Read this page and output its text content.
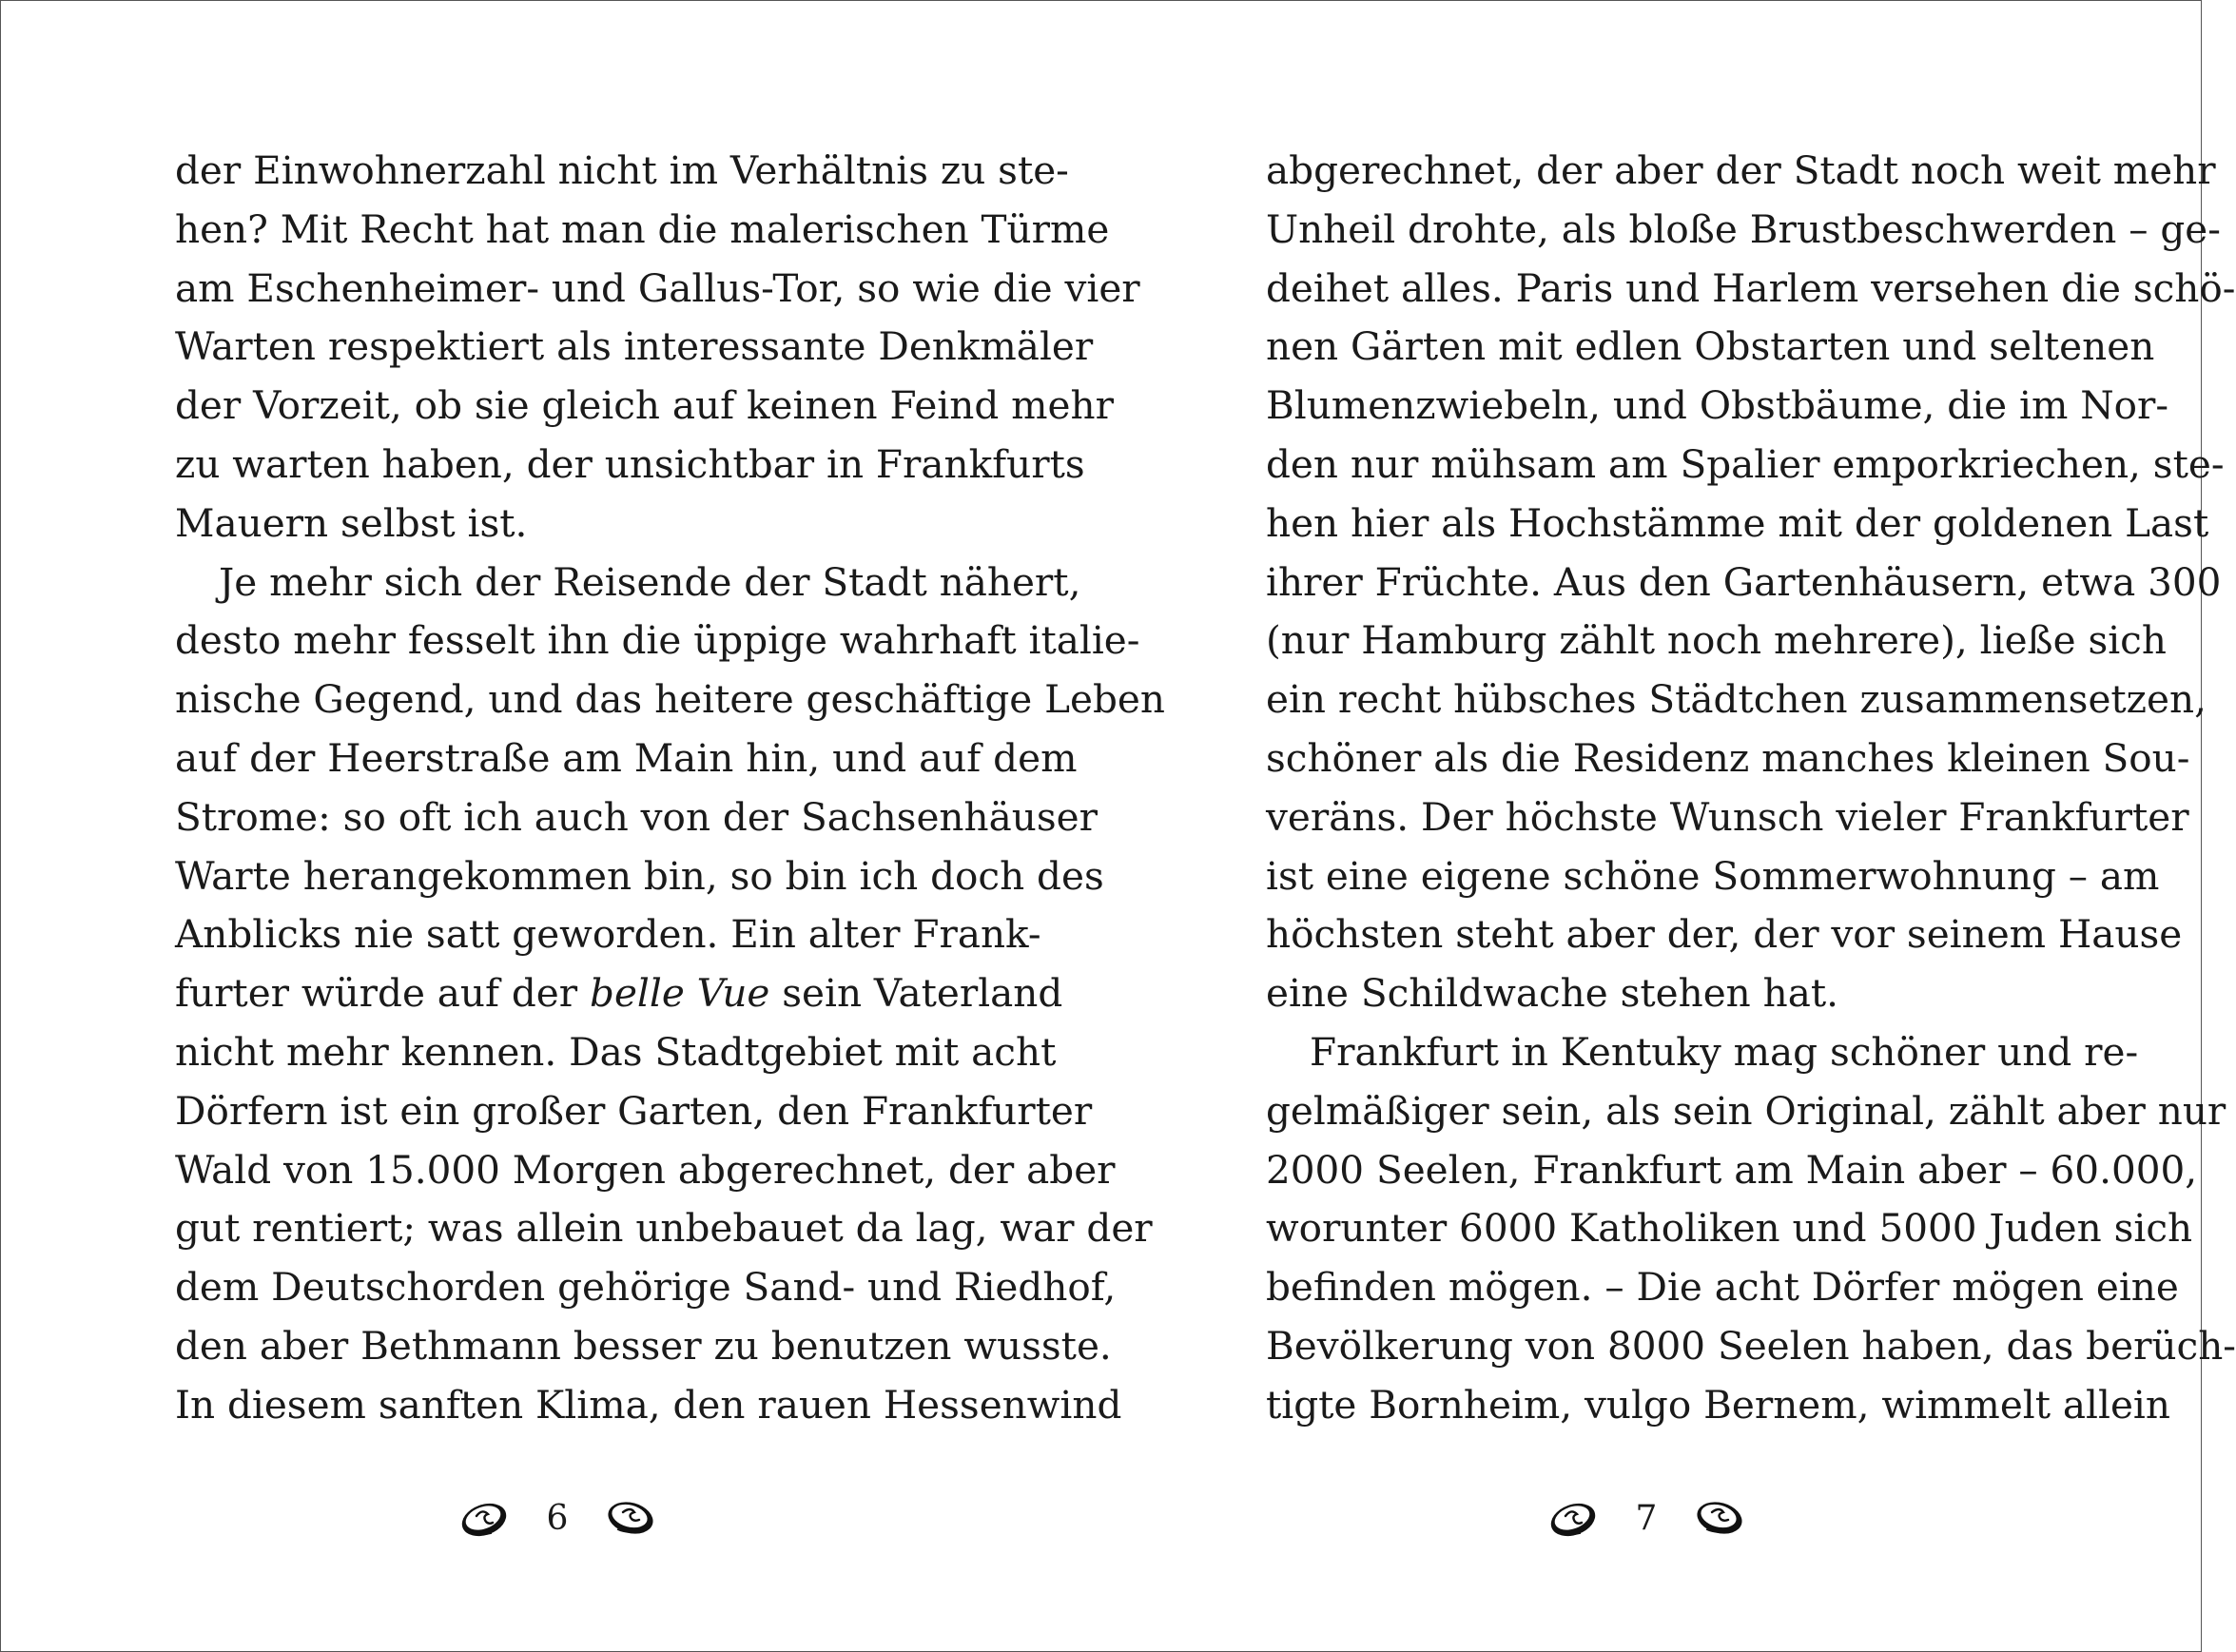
der Einwohnerzahl nicht im Verhältnis zu ste-
hen? Mit Recht hat man die malerischen Türme
am Eschenheimer- und Gallus-Tor, so wie die vier
Warten respektiert als interessante Denkmäler
der Vorzeit, ob sie gleich auf keinen Feind mehr
zu warten haben, der unsichtbar in Frankfurts
Mauern selbst ist.
Je mehr sich der Reisende der Stadt nähert,
desto mehr fesselt ihn die üppige wahrhaft italie-
nische Gegend, und das heitere geschäftige Leben
auf der Heerstraße am Main hin, und auf dem
Strome: so oft ich auch von der Sachsenhäuser
Warte herangekommen bin, so bin ich doch des
Anblicks nie satt geworden. Ein alter Frank-
furter würde auf der belle Vue sein Vaterland
nicht mehr kennen. Das Stadtgebiet mit acht
Dörfern ist ein großer Garten, den Frankfurter
Wald von 15.000 Morgen abgerechnet, der aber
gut rentiert; was allein unbebauet da lag, war der
dem Deutschorden gehörige Sand- und Riedhof,
den aber Bethmann besser zu benutzen wusste.
In diesem sanften Klima, den rauen Hessenwind
6
abgerechnet, der aber der Stadt noch weit mehr
Unheil drohte, als bloße Brustbeschwerden – ge-
deihet alles. Paris und Harlem versehen die schö-
nen Gärten mit edlen Obstarten und seltenen
Blumenzwiebeln, und Obstbäume, die im Nor-
den nur mühsam am Spalier emporkriechen, ste-
hen hier als Hochstämme mit der goldenen Last
ihrer Früchte. Aus den Gartenhäusern, etwa 300
(nur Hamburg zählt noch mehrere), ließe sich
ein recht hübsches Städtchen zusammensetzen,
schöner als die Residenz manches kleinen Sou-
veräns. Der höchste Wunsch vieler Frankfurter
ist eine eigene schöne Sommerwohnung – am
höchsten steht aber der, der vor seinem Hause
eine Schildwache stehen hat.
Frankfurt in Kentuky mag schöner und re-
gelmäßiger sein, als sein Original, zählt aber nur
2000 Seelen, Frankfurt am Main aber – 60.000,
worunter 6000 Katholiken und 5000 Juden sich
befinden mögen. – Die acht Dörfer mögen eine
Bevölkerung von 8000 Seelen haben, das berüch-
tigte Bornheim, vulgo Bernem, wimmelt allein
7
